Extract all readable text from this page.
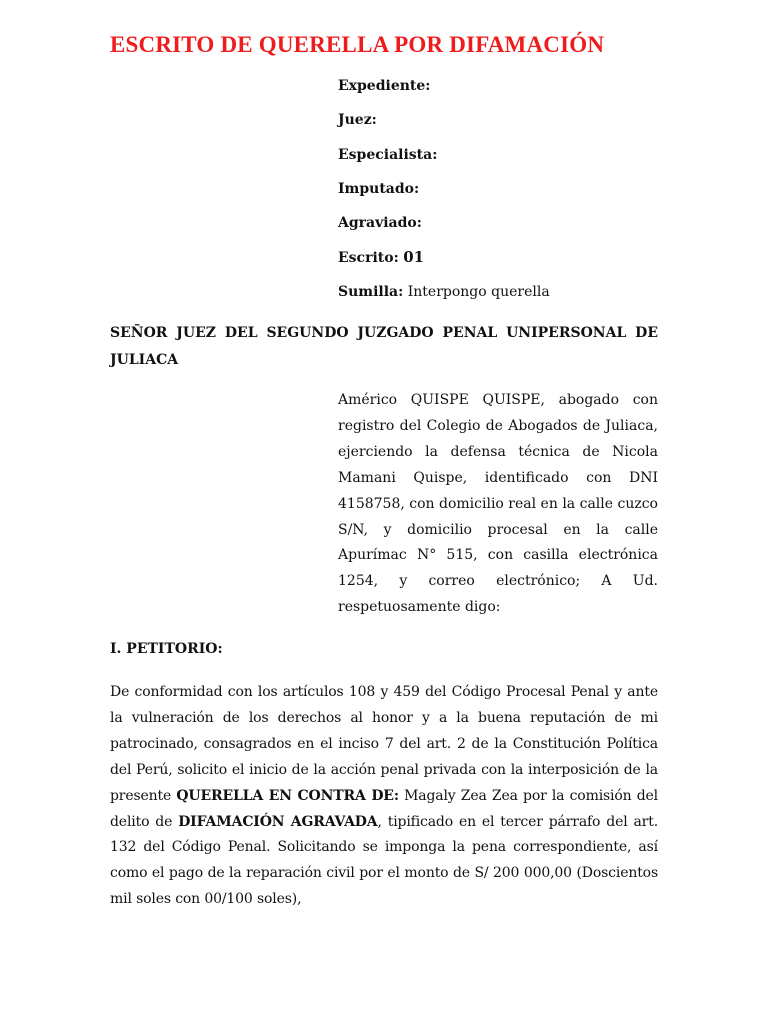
ESCRITO DE QUERELLA POR DIFAMACIÓN
Expediente:
Juez:
Especialista:
Imputado:
Agraviado:
Escrito: 01
Sumilla: Interpongo querella

SEÑOR JUEZ DEL SEGUNDO JUZGADO PENAL UNIPERSONAL DE JULIACA

Américo QUISPE QUISPE, abogado con registro del Colegio de Abogados de Juliaca, ejerciendo la defensa técnica de Nicola Mamani Quispe, identificado con DNI 4158758, con domicilio real en la calle cuzco S/N, y domicilio procesal en la calle Apurímac N° 515, con casilla electrónica 1254, y correo electrónico; A Ud. respetuosamente digo:

I. PETITORIO:

De conformidad con los artículos 108 y 459 del Código Procesal Penal y ante la vulneración de los derechos al honor y a la buena reputación de mi patrocinado, consagrados en el inciso 7 del art. 2 de la Constitución Política del Perú, solicito el inicio de la acción penal privada con la interposición de la presente QUERELLA EN CONTRA DE: Magaly Zea Zea por la comisión del delito de DIFAMACIÓN AGRAVADA, tipificado en el tercer párrafo del art. 132 del Código Penal. Solicitando se imponga la pena correspondiente, así como el pago de la reparación civil por el monto de S/ 200 000,00 (Doscientos mil soles con 00/100 soles),
